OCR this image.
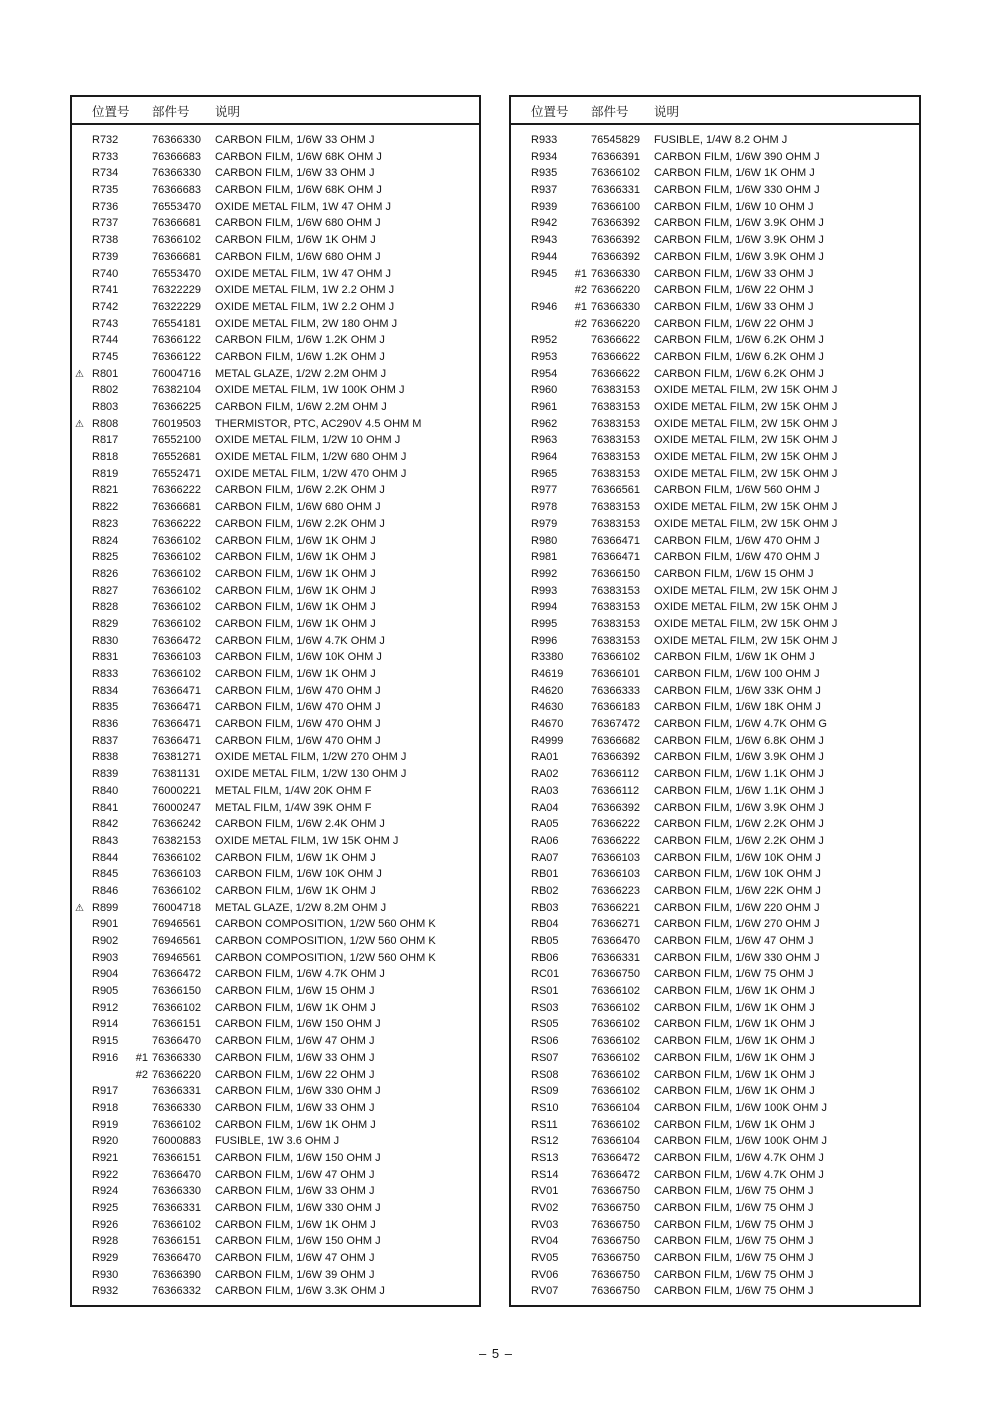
位置号 部件号 说明
R732	76366330 CARBON FILM, 1/6W 33 OHM J
R733	76366683 CARBON FILM, 1/6W 68K OHM J
R734	76366330 CARBON FILM, 1/6W 33 OHM J
R735	76366683 CARBON FILM, 1/6W 68K OHM J
R736	76553470 OXIDE METAL FILM, 1W 47 OHM J
R737	76366681 CARBON FILM, 1/6W 680 OHM J
R738	76366102 CARBON FILM, 1/6W 1K OHM J
R739	76366681 CARBON FILM, 1/6W 680 OHM J
R740	76553470 OXIDE METAL FILM, 1W 47 OHM J
R741	76322229 OXIDE METAL FILM, 1W 2.2 OHM J
R742	76322229 OXIDE METAL FILM, 1W 2.2 OHM J
R743	76554181 OXIDE METAL FILM, 2W 180 OHM J
R744	76366122 CARBON FILM, 1/6W 1.2K OHM J
R745	76366122 CARBON FILM, 1/6W 1.2K OHM J
⚠ R801	76004716 METAL GLAZE, 1/2W 2.2M OHM J
R802	76382104 OXIDE METAL FILM, 1W 100K OHM J
R803	76366225 CARBON FILM, 1/6W 2.2M OHM J
⚠ R808	76019503 THERMISTOR, PTC, AC290V 4.5 OHM M
R817	76552100 OXIDE METAL FILM, 1/2W 10 OHM J
R818	76552681 OXIDE METAL FILM, 1/2W 680 OHM J
R819	76552471 OXIDE METAL FILM, 1/2W 470 OHM J
R821	76366222 CARBON FILM, 1/6W 2.2K OHM J
R822	76366681 CARBON FILM, 1/6W 680 OHM J
R823	76366222 CARBON FILM, 1/6W 2.2K OHM J
R824	76366102 CARBON FILM, 1/6W 1K OHM J
R825	76366102 CARBON FILM, 1/6W 1K OHM J
R826	76366102 CARBON FILM, 1/6W 1K OHM J
R827	76366102 CARBON FILM, 1/6W 1K OHM J
R828	76366102 CARBON FILM, 1/6W 1K OHM J
R829	76366102 CARBON FILM, 1/6W 1K OHM J
R830	76366472 CARBON FILM, 1/6W 4.7K OHM J
R831	76366103 CARBON FILM, 1/6W 10K OHM J
R833	76366102 CARBON FILM, 1/6W 1K OHM J
R834	76366471 CARBON FILM, 1/6W 470 OHM J
R835	76366471 CARBON FILM, 1/6W 470 OHM J
R836	76366471 CARBON FILM, 1/6W 470 OHM J
R837	76366471 CARBON FILM, 1/6W 470 OHM J
R838	76381271 OXIDE METAL FILM, 1/2W 270 OHM J
R839	76381131 OXIDE METAL FILM, 1/2W 130 OHM J
R840	76000221 METAL FILM, 1/4W 20K OHM F
R841	76000247 METAL FILM, 1/4W 39K OHM F
R842	76366242 CARBON FILM, 1/6W 2.4K OHM J
R843	76382153 OXIDE METAL FILM, 1W 15K OHM J
R844	76366102 CARBON FILM, 1/6W 1K OHM J
R845	76366103 CARBON FILM, 1/6W 10K OHM J
R846	76366102 CARBON FILM, 1/6W 1K OHM J
⚠ R899	76004718 METAL GLAZE, 1/2W 8.2M OHM J
R901	76946561 CARBON COMPOSITION, 1/2W 560 OHM K
R902	76946561 CARBON COMPOSITION, 1/2W 560 OHM K
R903	76946561 CARBON COMPOSITION, 1/2W 560 OHM K
R904	76366472 CARBON FILM, 1/6W 4.7K OHM J
R905	76366150 CARBON FILM, 1/6W 15 OHM J
R912	76366102 CARBON FILM, 1/6W 1K OHM J
R914	76366151 CARBON FILM, 1/6W 150 OHM J
R915	76366470 CARBON FILM, 1/6W 47 OHM J
R916	#1 76366330 CARBON FILM, 1/6W 33 OHM J
#2 76366220 CARBON FILM, 1/6W 22 OHM J
R917	76366331 CARBON FILM, 1/6W 330 OHM J
R918	76366330 CARBON FILM, 1/6W 33 OHM J
R919	76366102 CARBON FILM, 1/6W 1K OHM J
R920	76000883 FUSIBLE, 1W 3.6 OHM J
R921	76366151 CARBON FILM, 1/6W 150 OHM J
R922	76366470 CARBON FILM, 1/6W 47 OHM J
R924	76366330 CARBON FILM, 1/6W 33 OHM J
R925	76366331 CARBON FILM, 1/6W 330 OHM J
R926	76366102 CARBON FILM, 1/6W 1K OHM J
R928	76366151 CARBON FILM, 1/6W 150 OHM J
R929	76366470 CARBON FILM, 1/6W 47 OHM J
R930	76366390 CARBON FILM, 1/6W 39 OHM J
R932	76366332 CARBON FILM, 1/6W 3.3K OHM J
位置号 部件号 说明
R933	76545829 FUSIBLE, 1/4W 8.2 OHM J
R934	76366391 CARBON FILM, 1/6W 390 OHM J
R935	76366102 CARBON FILM, 1/6W 1K OHM J
R937	76366331 CARBON FILM, 1/6W 330 OHM J
R939	76366100 CARBON FILM, 1/6W 10 OHM J
R942	76366392 CARBON FILM, 1/6W 3.9K OHM J
R943	76366392 CARBON FILM, 1/6W 3.9K OHM J
R944	76366392 CARBON FILM, 1/6W 3.9K OHM J
R945	#1 76366330 CARBON FILM, 1/6W 33 OHM J
#2 76366220 CARBON FILM, 1/6W 22 OHM J
R946	#1 76366330 CARBON FILM, 1/6W 33 OHM J
#2 76366220 CARBON FILM, 1/6W 22 OHM J
R952	76366622 CARBON FILM, 1/6W 6.2K OHM J
R953	76366622 CARBON FILM, 1/6W 6.2K OHM J
R954	76366622 CARBON FILM, 1/6W 6.2K OHM J
R960	76383153 OXIDE METAL FILM, 2W 15K OHM J
R961	76383153 OXIDE METAL FILM, 2W 15K OHM J
R962	76383153 OXIDE METAL FILM, 2W 15K OHM J
R963	76383153 OXIDE METAL FILM, 2W 15K OHM J
R964	76383153 OXIDE METAL FILM, 2W 15K OHM J
R965	76383153 OXIDE METAL FILM, 2W 15K OHM J
R977	76366561 CARBON FILM, 1/6W 560 OHM J
R978	76383153 OXIDE METAL FILM, 2W 15K OHM J
R979	76383153 OXIDE METAL FILM, 2W 15K OHM J
R980	76366471 CARBON FILM, 1/6W 470 OHM J
R981	76366471 CARBON FILM, 1/6W 470 OHM J
R992	76366150 CARBON FILM, 1/6W 15 OHM J
R993	76383153 OXIDE METAL FILM, 2W 15K OHM J
R994	76383153 OXIDE METAL FILM, 2W 15K OHM J
R995	76383153 OXIDE METAL FILM, 2W 15K OHM J
R996	76383153 OXIDE METAL FILM, 2W 15K OHM J
R3380	76366102 CARBON FILM, 1/6W 1K OHM J
R4619	76366101 CARBON FILM, 1/6W 100 OHM J
R4620	76366333 CARBON FILM, 1/6W 33K OHM J
R4630	76366183 CARBON FILM, 1/6W 18K OHM J
R4670	76367472 CARBON FILM, 1/6W 4.7K OHM G
R4999	76366682 CARBON FILM, 1/6W 6.8K OHM J
RA01	76366392 CARBON FILM, 1/6W 3.9K OHM J
RA02	76366112 CARBON FILM, 1/6W 1.1K OHM J
RA03	76366112 CARBON FILM, 1/6W 1.1K OHM J
RA04	76366392 CARBON FILM, 1/6W 3.9K OHM J
RA05	76366222 CARBON FILM, 1/6W 2.2K OHM J
RA06	76366222 CARBON FILM, 1/6W 2.2K OHM J
RA07	76366103 CARBON FILM, 1/6W 10K OHM J
RB01	76366103 CARBON FILM, 1/6W 10K OHM J
RB02	76366223 CARBON FILM, 1/6W 22K OHM J
RB03	76366221 CARBON FILM, 1/6W 220 OHM J
RB04	76366271 CARBON FILM, 1/6W 270 OHM J
RB05	76366470 CARBON FILM, 1/6W 47 OHM J
RB06	76366331 CARBON FILM, 1/6W 330 OHM J
RC01	76366750 CARBON FILM, 1/6W 75 OHM J
RS01	76366102 CARBON FILM, 1/6W 1K OHM J
RS03	76366102 CARBON FILM, 1/6W 1K OHM J
RS05	76366102 CARBON FILM, 1/6W 1K OHM J
RS06	76366102 CARBON FILM, 1/6W 1K OHM J
RS07	76366102 CARBON FILM, 1/6W 1K OHM J
RS08	76366102 CARBON FILM, 1/6W 1K OHM J
RS09	76366102 CARBON FILM, 1/6W 1K OHM J
RS10	76366104 CARBON FILM, 1/6W 100K OHM J
RS11	76366102 CARBON FILM, 1/6W 1K OHM J
RS12	76366104 CARBON FILM, 1/6W 100K OHM J
RS13	76366472 CARBON FILM, 1/6W 4.7K OHM J
RS14	76366472 CARBON FILM, 1/6W 4.7K OHM J
RV01	76366750 CARBON FILM, 1/6W 75 OHM J
RV02	76366750 CARBON FILM, 1/6W 75 OHM J
RV03	76366750 CARBON FILM, 1/6W 75 OHM J
RV04	76366750 CARBON FILM, 1/6W 75 OHM J
RV05	76366750 CARBON FILM, 1/6W 75 OHM J
RV06	76366750 CARBON FILM, 1/6W 75 OHM J
RV07	76366750 CARBON FILM, 1/6W 75 OHM J
– 5 –
